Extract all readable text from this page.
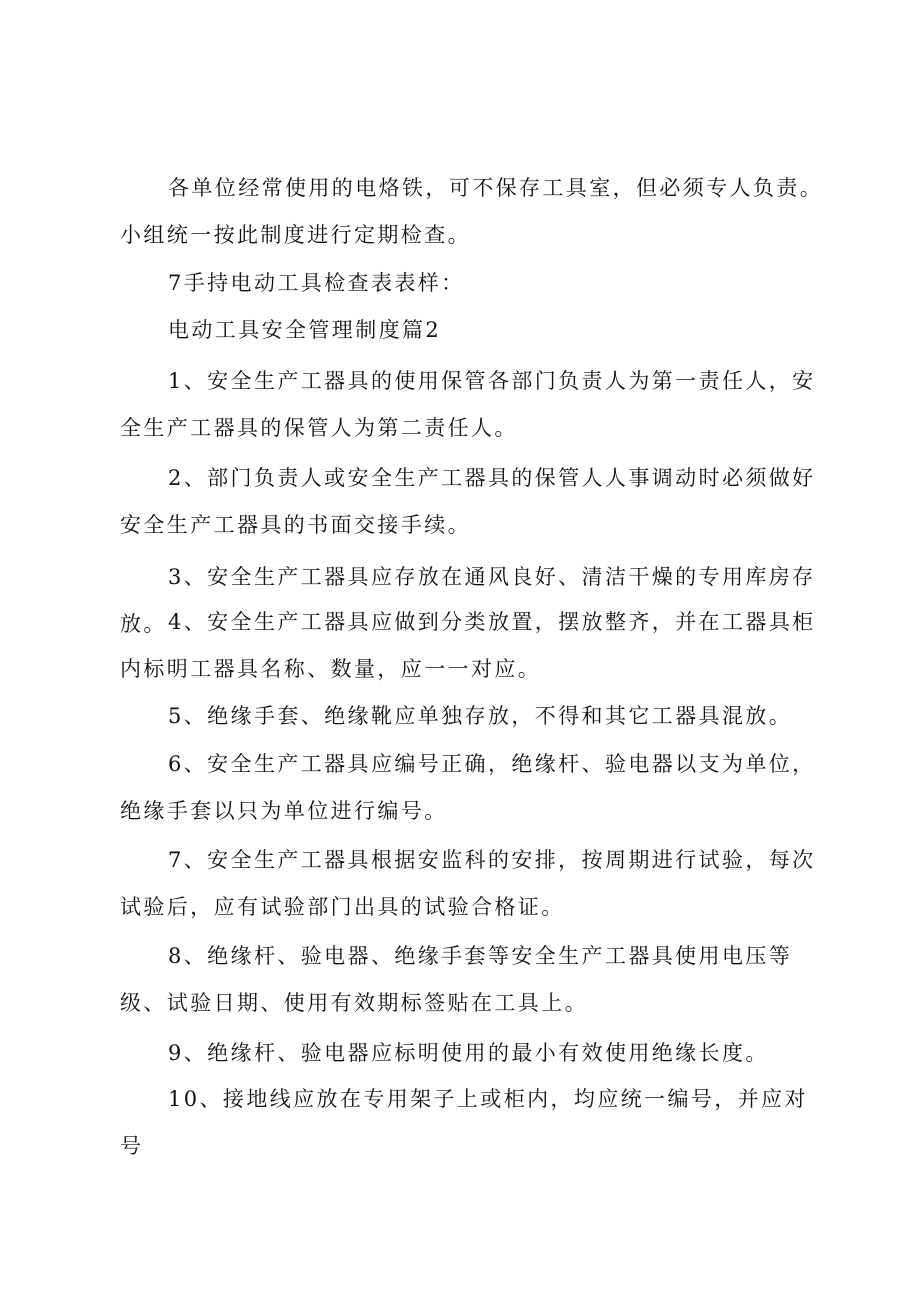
各单位经常使用的电烙铁，可不保存工具室，但必须专人负责。

小组统一按此制度进行定期检查。

7手持电动工具检查表表样：

电动工具安全管理制度篇2

1、安全生产工器具的使用保管各部门负责人为第一责任人，安全生产工器具的保管人为第二责任人。

2、部门负责人或安全生产工器具的保管人人事调动时必须做好安全生产工器具的书面交接手续。

3、安全生产工器具应存放在通风良好、清洁干燥的专用库房存放。 4、安全生产工器具应做到分类放置，摆放整齐，并在工器具柜内标明工器具名称、数量，应一一对应。

5、绝缘手套、绝缘靴应单独存放，不得和其它工器具混放。

6、安全生产工器具应编号正确，绝缘杆、验电器以支为单位，绝缘手套以只为单位进行编号。

7、安全生产工器具根据安监科的安排，按周期进行试验，每次试验后，应有试验部门出具的试验合格证。

8、绝缘杆、验电器、绝缘手套等安全生产工器具使用电压等级、试验日期、使用有效期标签贴在工具上。

9、绝缘杆、验电器应标明使用的最小有效使用绝缘长度。

10、接地线应放在专用架子上或柜内，均应统一编号，并应对号
